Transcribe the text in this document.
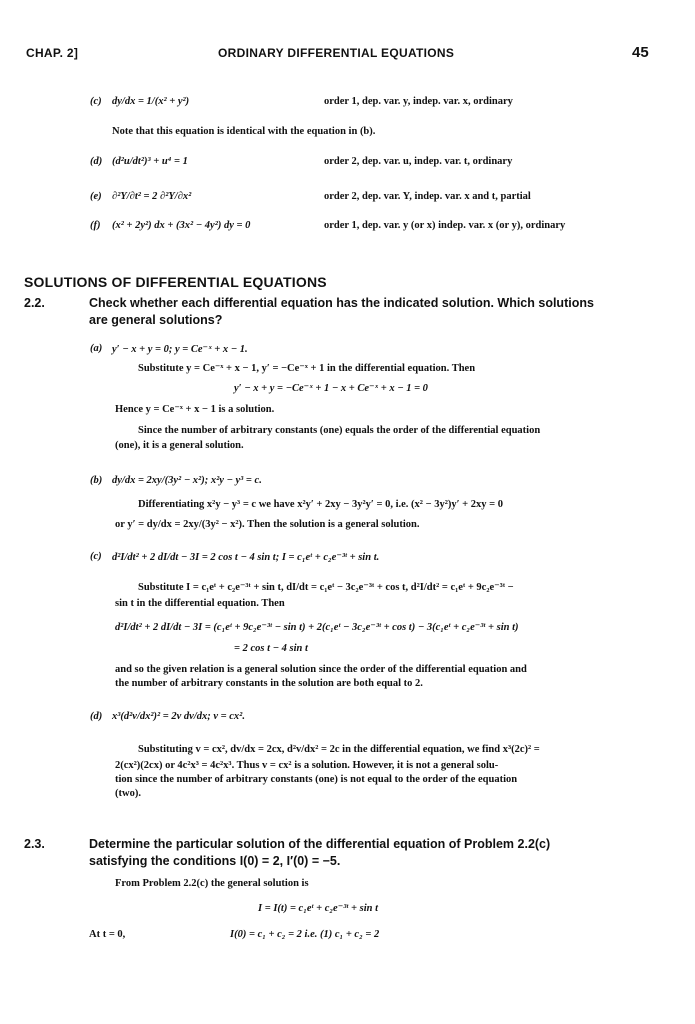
CHAP. 2]	ORDINARY DIFFERENTIAL EQUATIONS	45
(c) dy/dx = 1/(x² + y²)	order 1, dep. var. y, indep. var. x, ordinary
Note that this equation is identical with the equation in (b).
(d) (d²u/dt²)³ + u⁴ = 1	order 2, dep. var. u, indep. var. t, ordinary
(e) ∂²Y/∂t² = 2 ∂²Y/∂x²	order 2, dep. var. Y, indep. var. x and t, partial
(f) (x² + 2y²) dx + (3x² − 4y²) dy = 0	order 1, dep. var. y (or x) indep. var. x (or y), ordinary
SOLUTIONS OF DIFFERENTIAL EQUATIONS
2.2.	Check whether each differential equation has the indicated solution. Which solutions
are general solutions?
(a) y′ − x + y = 0; y = Ce⁻ˣ + x − 1.
Substitute y = Ce⁻ˣ + x − 1, y′ = −Ce⁻ˣ + 1 in the differential equation. Then
y′ − x + y = −Ce⁻ˣ + 1 − x + Ce⁻ˣ + x − 1 = 0
Hence y = Ce⁻ˣ + x − 1 is a solution.
Since the number of arbitrary constants (one) equals the order of the differential equation
(one), it is a general solution.
(b) dy/dx = 2xy/(3y² − x²); x²y − y³ = c.
Differentiating x²y − y³ = c we have x²y′ + 2xy − 3y²y′ = 0, i.e. (x² − 3y²)y′ + 2xy = 0
or y′ = dy/dx = 2xy/(3y² − x²). Then the solution is a general solution.
(c) d²I/dt² + 2 dI/dt − 3I = 2 cos t − 4 sin t; I = c₁eᵗ + c₂e⁻³ᵗ + sin t.
Substitute I = c₁eᵗ + c₂e⁻³ᵗ + sin t, dI/dt = c₁eᵗ − 3c₂e⁻³ᵗ + cos t, d²I/dt² = c₁eᵗ + 9c₂e⁻³ᵗ −
sin t in the differential equation. Then
d²I/dt² + 2 dI/dt − 3I = (c₁eᵗ + 9c₂e⁻³ᵗ − sin t) + 2(c₁eᵗ − 3c₂e⁻³ᵗ + cos t) − 3(c₁eᵗ + c₂e⁻³ᵗ + sin t)
= 2 cos t − 4 sin t
and so the given relation is a general solution since the order of the differential equation and
the number of arbitrary constants in the solution are both equal to 2.
(d) x³(d²v/dx²)² = 2v dv/dx; v = cx².
Substituting v = cx², dv/dx = 2cx, d²v/dx² = 2c in the differential equation, we find x³(2c)² =
2(cx²)(2cx) or 4c²x³ = 4c²x³. Thus v = cx² is a solution. However, it is not a general solu-
tion since the number of arbitrary constants (one) is not equal to the order of the equation
(two).
2.3.	Determine the particular solution of the differential equation of Problem 2.2(c)
satisfying the conditions I(0) = 2, I′(0) = −5.
From Problem 2.2(c) the general solution is
I = I(t) = c₁eᵗ + c₂e⁻³ᵗ + sin t
At t = 0,	I(0) = c₁ + c₂ = 2 i.e. (1) c₁ + c₂ = 2
